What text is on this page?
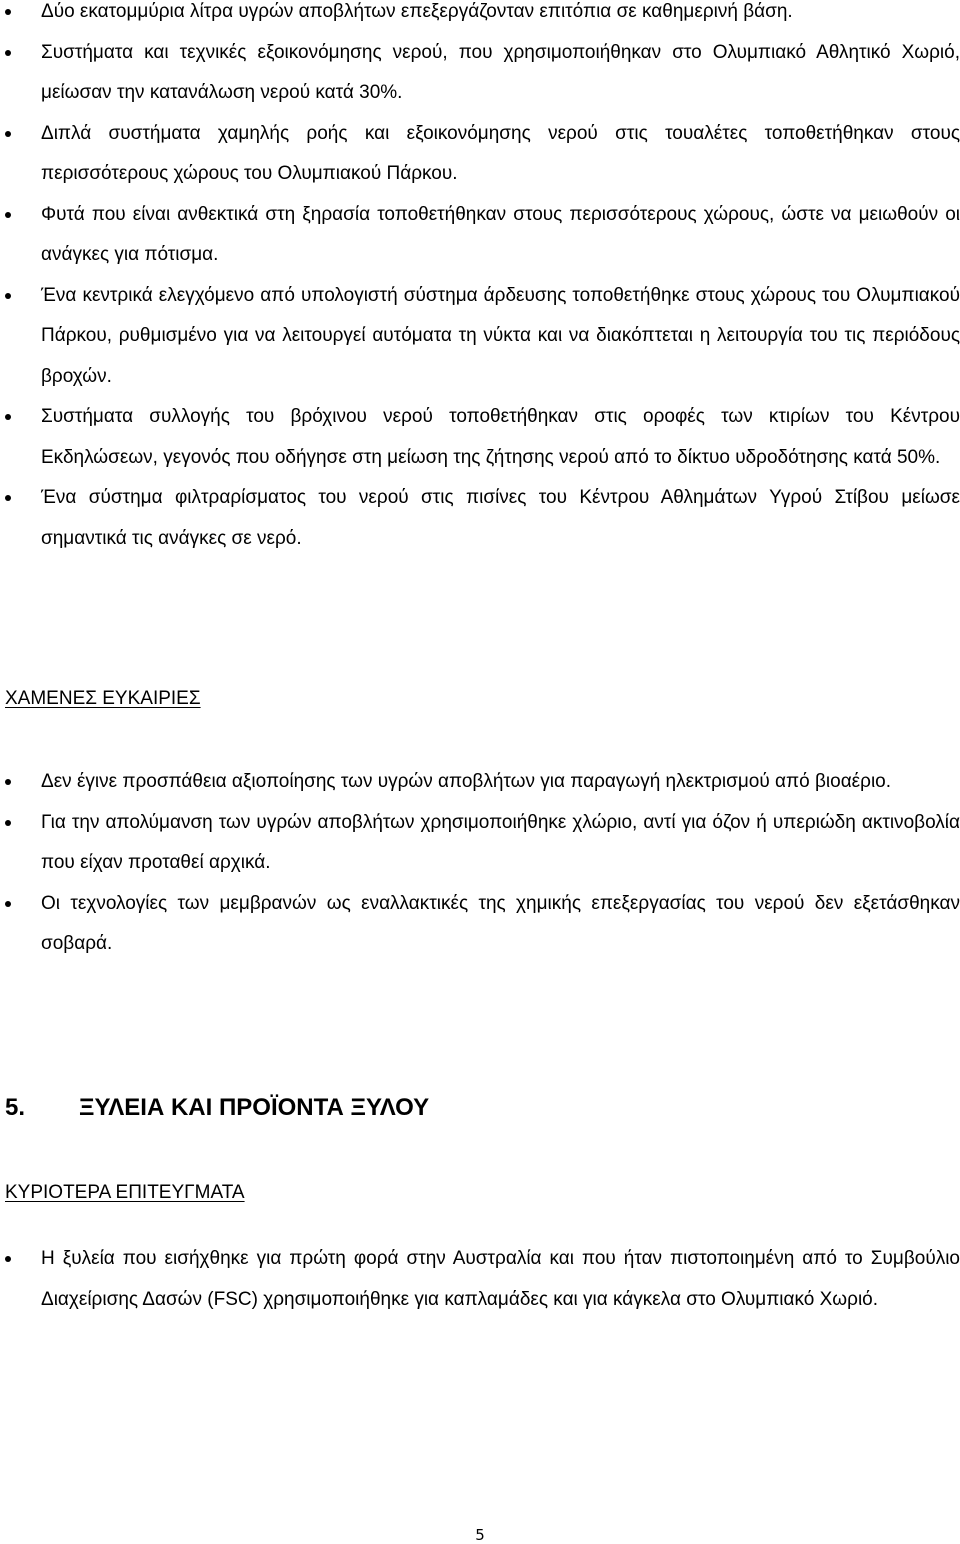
Δύο εκατομμύρια λίτρα υγρών αποβλήτων επεξεργάζονταν επιτόπια σε καθημερινή βάση.
Συστήματα και τεχνικές εξοικονόμησης νερού, που χρησιμοποιήθηκαν στο Ολυμπιακό Αθλητικό Χωριό, μείωσαν την κατανάλωση νερού κατά 30%.
Διπλά συστήματα χαμηλής ροής και εξοικονόμησης νερού στις τουαλέτες τοποθετήθηκαν στους περισσότερους χώρους του Ολυμπιακού Πάρκου.
Φυτά που είναι ανθεκτικά στη ξηρασία τοποθετήθηκαν στους περισσότερους χώρους, ώστε να μειωθούν οι ανάγκες για πότισμα.
Ένα κεντρικά ελεγχόμενο από υπολογιστή σύστημα άρδευσης τοποθετήθηκε στους χώρους του Ολυμπιακού Πάρκου, ρυθμισμένο για να λειτουργεί αυτόματα τη νύκτα και να διακόπτεται η λειτουργία του τις περιόδους βροχών.
Συστήματα συλλογής του βρόχινου νερού τοποθετήθηκαν στις οροφές των κτιρίων του Κέντρου Εκδηλώσεων, γεγονός που οδήγησε στη μείωση της ζήτησης νερού από το δίκτυο υδροδότησης κατά 50%.
Ένα σύστημα φιλτραρίσματος του νερού στις πισίνες του Κέντρου Αθλημάτων Υγρού Στίβου μείωσε σημαντικά τις ανάγκες σε νερό.
ΧΑΜΕΝΕΣ ΕΥΚΑΙΡΙΕΣ
Δεν έγινε προσπάθεια αξιοποίησης των υγρών αποβλήτων για παραγωγή ηλεκτρισμού από βιοαέριο.
Για την απολύμανση των υγρών αποβλήτων χρησιμοποιήθηκε χλώριο, αντί για όζον ή υπεριώδη ακτινοβολία που είχαν προταθεί αρχικά.
Οι τεχνολογίες των μεμβρανών ως εναλλακτικές της χημικής επεξεργασίας του νερού δεν εξετάσθηκαν σοβαρά.
5. ΞΥΛΕΙΑ ΚΑΙ ΠΡΟΪΟΝΤΑ ΞΥΛΟΥ
ΚΥΡΙΟΤΕΡΑ ΕΠΙΤΕΥΓΜΑΤΑ
Η ξυλεία που εισήχθηκε για πρώτη φορά στην Αυστραλία και που ήταν πιστοποιημένη από το Συμβούλιο Διαχείρισης Δασών (FSC) χρησιμοποιήθηκε για καπλαμάδες και για κάγκελα στο Ολυμπιακό Χωριό.
5
